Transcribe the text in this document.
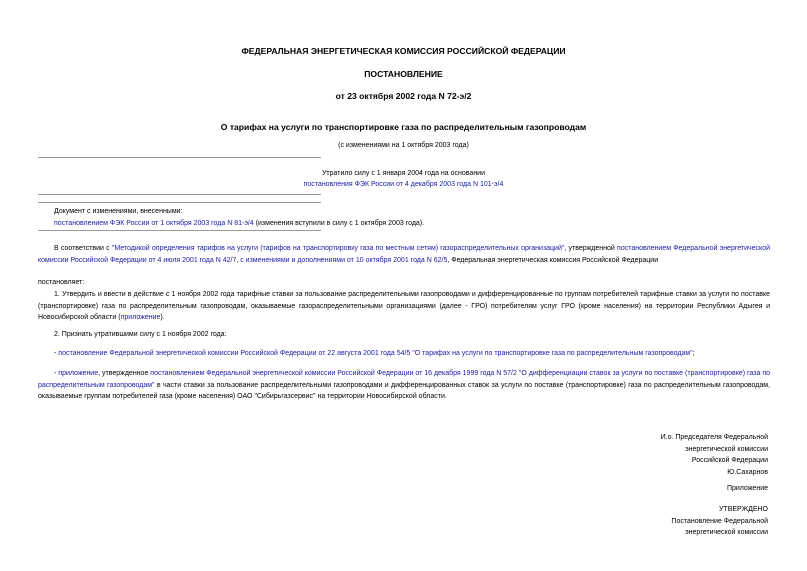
ФЕДЕРАЛЬНАЯ ЭНЕРГЕТИЧЕСКАЯ КОМИССИЯ РОССИЙСКОЙ ФЕДЕРАЦИИ
ПОСТАНОВЛЕНИЕ
от 23 октября 2002 года N 72-э/2
О тарифах на услуги по транспортировке газа по распределительным газопроводам
(с изменениями на 1 октября 2003 года)
Утратило силу с 1 января 2004 года на основании
постановления ФЭК России от 4 декабря 2003 года N 101-э/4

Документ с изменениями, внесенными:

постановлением ФЭК России от 1 октября 2003 года N 81-э/4 (изменения вступили в силу с 1 октября 2003 года).

В соответствии с "Методикой определения тарифов на услуги (тарифов на транспортировку газа по местным сетям) газораспределительных организаций", утвержденной постановлением Федеральной энергетической комиссии Российской Федерации от 4 июля 2001 года N 42/7, с изменениями и дополнениями от 10 октября 2001 года N 62/5, Федеральная энергетическая комиссия Российской Федерации
постановляет:
1. Утвердить и ввести в действие с 1 ноября 2002 года тарифные ставки за пользование распределительными газопроводами и дифференцированные по группам потребителей тарифные ставки за услуги по поставке (транспортировке) газа по распределительным газопроводам, оказываемые газораспределительными организациями (далее - ГРО) потребителям услуг ГРО (кроме населения) на территории Республики Адыгея и Новосибирской области (приложение).
2. Признать утратившими силу с 1 ноября 2002 года:
- постановление Федеральной энергетической комиссии Российской Федерации от 22 августа 2001 года 54/5 "О тарифах на услуги по транспортировке газа по распределительным газопроводам";
- приложение, утвержденное постановлением Федеральной энергетической комиссии Российской Федерации от 16 декабря 1999 года N 57/2 "О дифференциации ставок за услуги по поставке (транспортировке) газа по распределительным газопроводам" в части ставки за пользование распределительными газопроводами и дифференцированных ставок за услуги по поставке (транспортировке) газа по распределительным газопроводам, оказываемые группам потребителей газа (кроме населения) ОАО "Сибирьгазсервис" на территории Новосибирской области.

И.о. Председателя Федеральной

энергетической комиссии

Российской Федерации

Ю.Сахарнов

Приложение

УТВЕРЖДЕНО

Постановление Федеральной

энергетической комиссии
